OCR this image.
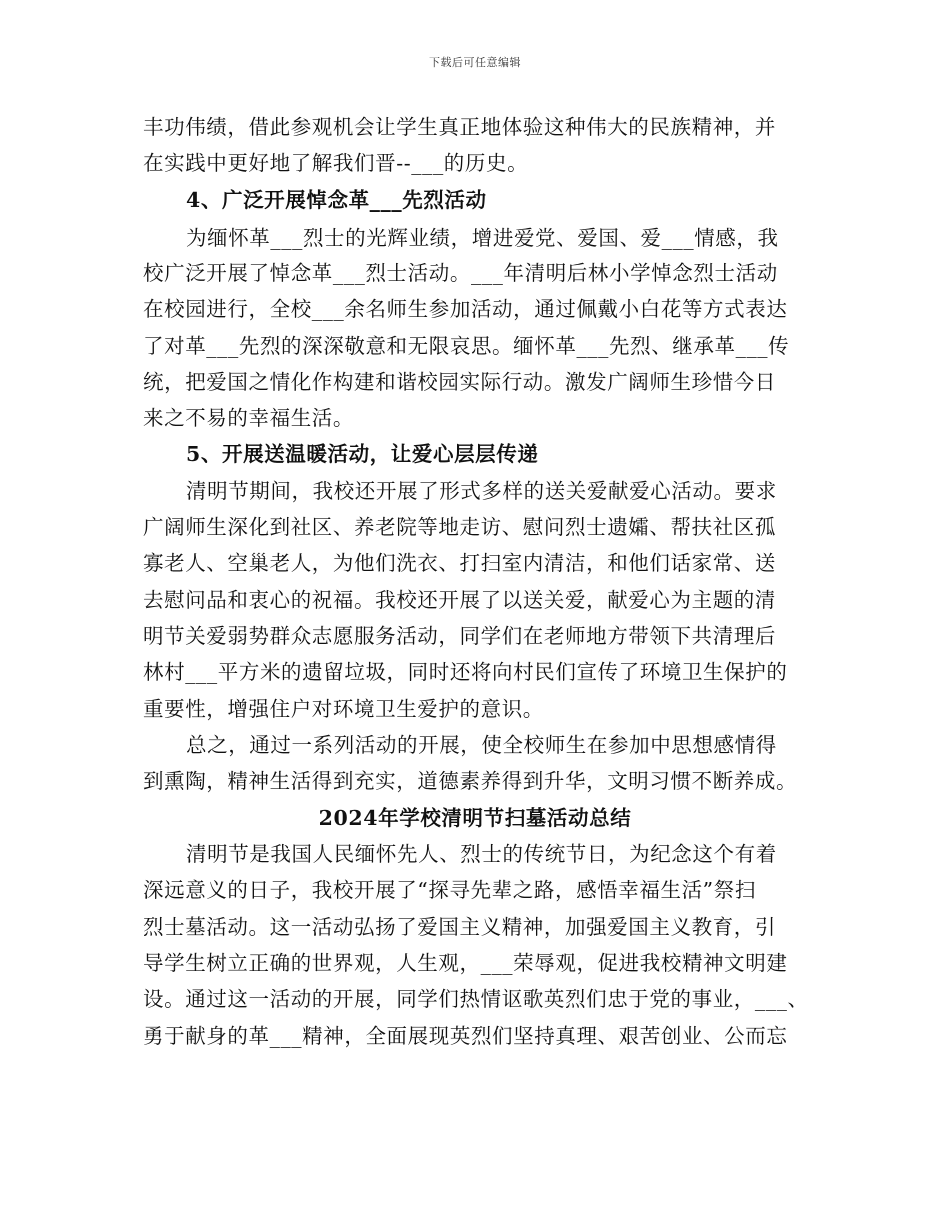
下载后可任意编辑
丰功伟绩，借此参观机会让学生真正地体验这种伟大的民族精神，并
在实践中更好地了解我们晋--___的历史。
4、广泛开展悼念革___先烈活动
为缅怀革___烈士的光辉业绩，增进爱党、爱国、爱___情感，我
校广泛开展了悼念革___烈士活动。___年清明后林小学悼念烈士活动
在校园进行，全校___余名师生参加活动，通过佩戴小白花等方式表达
了对革___先烈的深深敬意和无限哀思。缅怀革___先烈、继承革___传
统，把爱国之情化作构建和谐校园实际行动。激发广阔师生珍惜今日
来之不易的幸福生活。
5、开展送温暖活动，让爱心层层传递
清明节期间，我校还开展了形式多样的送关爱献爱心活动。要求
广阔师生深化到社区、养老院等地走访、慰问烈士遗孀、帮扶社区孤
寡老人、空巢老人，为他们洗衣、打扫室内清洁，和他们话家常、送
去慰问品和衷心的祝福。我校还开展了以送关爱，献爱心为主题的清
明节关爱弱势群众志愿服务活动，同学们在老师地方带领下共清理后
林村___平方米的遗留垃圾，同时还将向村民们宣传了环境卫生保护的
重要性，增强住户对环境卫生爱护的意识。
总之，通过一系列活动的开展，使全校师生在参加中思想感情得
到熏陶，精神生活得到充实，道德素养得到升华，文明习惯不断养成。
2024年学校清明节扫墓活动总结
清明节是我国人民缅怀先人、烈士的传统节日，为纪念这个有着
深远意义的日子，我校开展了“探寻先辈之路，感悟幸福生活”祭扫
烈士墓活动。这一活动弘扬了爱国主义精神，加强爱国主义教育，引
导学生树立正确的世界观，人生观，___荣辱观，促进我校精神文明建
设。通过这一活动的开展，同学们热情讴歌英烈们忠于党的事业，___、
勇于献身的革___精神，全面展现英烈们坚持真理、艰苦创业、公而忘
